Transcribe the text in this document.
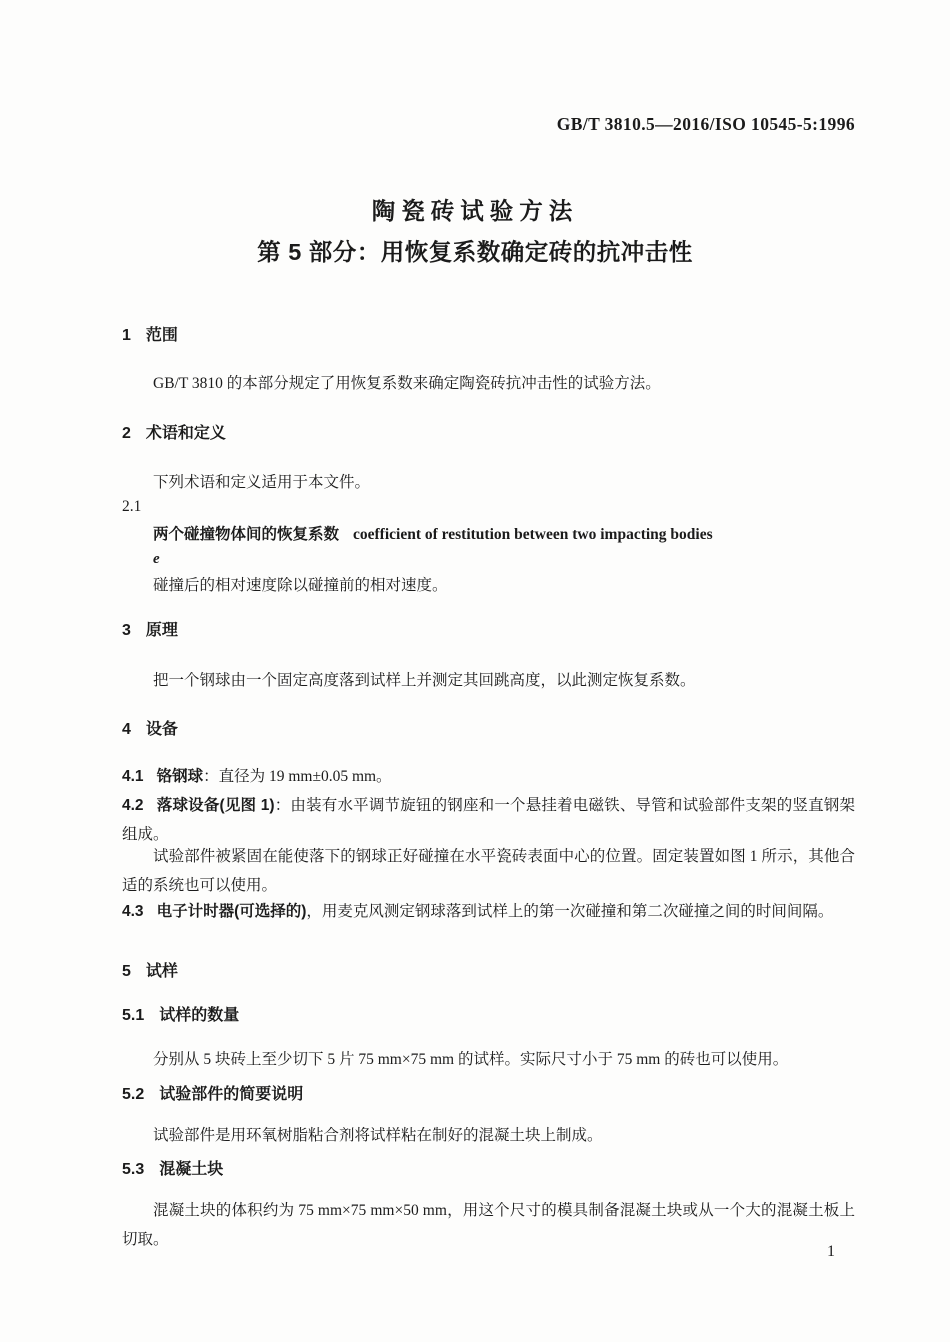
GB/T 3810.5—2016/ISO 10545-5:1996
陶瓷砖试验方法
第 5 部分：用恢复系数确定砖的抗冲击性
1 范围
GB/T 3810 的本部分规定了用恢复系数来确定陶瓷砖抗冲击性的试验方法。
2 术语和定义
下列术语和定义适用于本文件。
2.1
两个碰撞物体间的恢复系数 coefficient of restitution between two impacting bodies
e
碰撞后的相对速度除以碰撞前的相对速度。
3 原理
把一个钢球由一个固定高度落到试样上并测定其回跳高度，以此测定恢复系数。
4 设备
4.1 铬钢球：直径为 19 mm±0.05 mm。
4.2 落球设备(见图 1)：由装有水平调节旋钮的钢座和一个悬挂着电磁铁、导管和试验部件支架的竖直钢架组成。
试验部件被紧固在能使落下的钢球正好碰撞在水平瓷砖表面中心的位置。固定装置如图 1 所示，其他合适的系统也可以使用。
4.3 电子计时器(可选择的)，用麦克风测定钢球落到试样上的第一次碰撞和第二次碰撞之间的时间间隔。
5 试样
5.1 试样的数量
分别从 5 块砖上至少切下 5 片 75 mm×75 mm 的试样。实际尺寸小于 75 mm 的砖也可以使用。
5.2 试验部件的简要说明
试验部件是用环氧树脂粘合剂将试样粘在制好的混凝土块上制成。
5.3 混凝土块
混凝土块的体积约为 75 mm×75 mm×50 mm，用这个尺寸的模具制备混凝土块或从一个大的混凝土板上切取。
1
